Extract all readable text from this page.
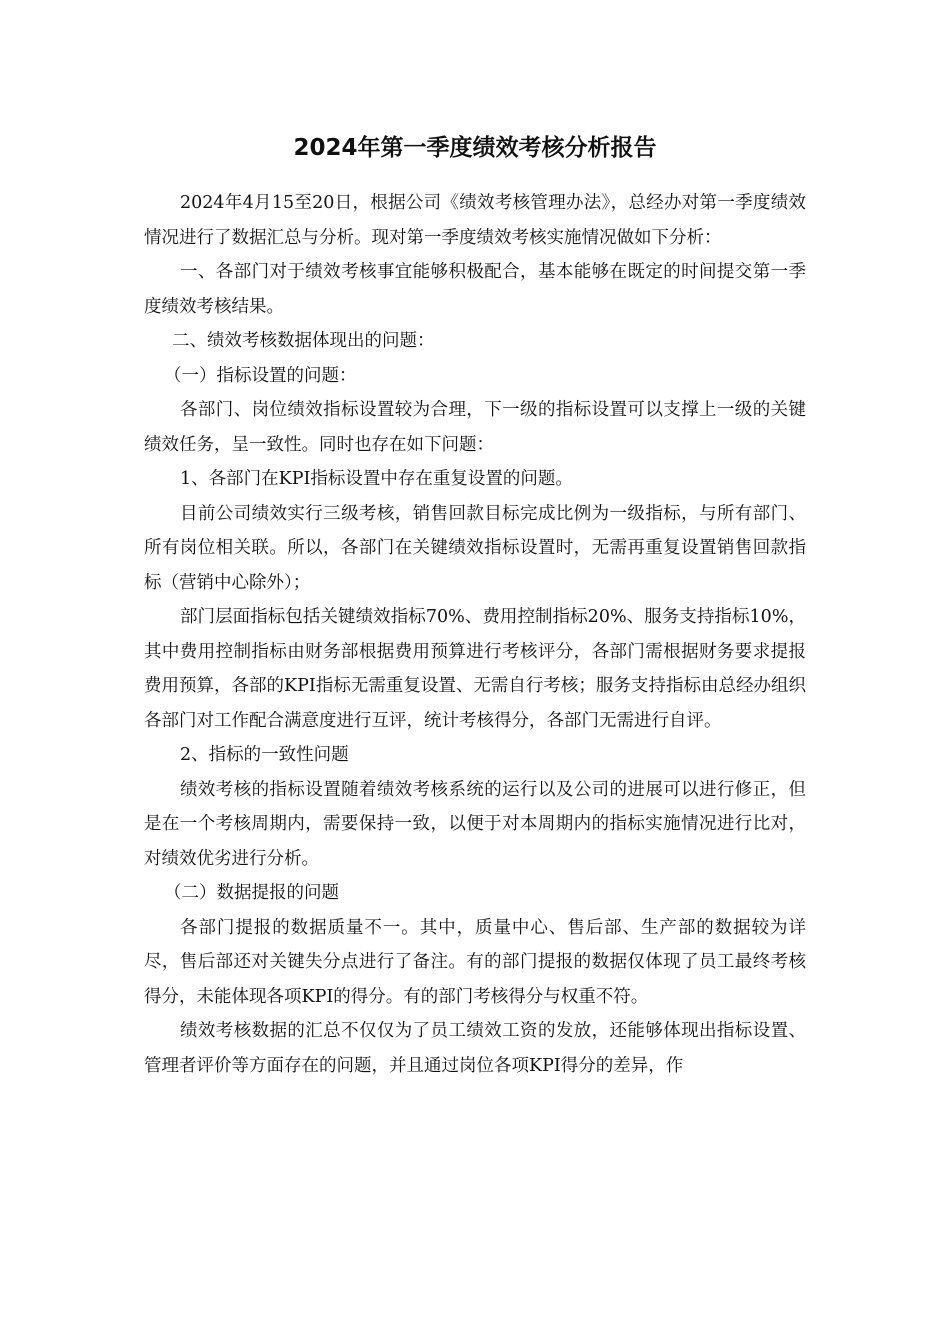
2024年第一季度绩效考核分析报告

2024年4月15至20日，根据公司《绩效考核管理办法》，总经办对第一季度绩效情况进行了数据汇总与分析。现对第一季度绩效考核实施情况做如下分析：

一、各部门对于绩效考核事宜能够积极配合，基本能够在既定的时间提交第一季度绩效考核结果。

二、绩效考核数据体现出的问题：

（一）指标设置的问题：

各部门、岗位绩效指标设置较为合理，下一级的指标设置可以支撑上一级的关键绩效任务，呈一致性。同时也存在如下问题：

1、各部门在KPI指标设置中存在重复设置的问题。

目前公司绩效实行三级考核，销售回款目标完成比例为一级指标，与所有部门、所有岗位相关联。所以，各部门在关键绩效指标设置时，无需再重复设置销售回款指标（营销中心除外）；

部门层面指标包括关键绩效指标70%、费用控制指标20%、服务支持指标10%，其中费用控制指标由财务部根据费用预算进行考核评分，各部门需根据财务要求提报费用预算，各部的KPI指标无需重复设置、无需自行考核；服务支持指标由总经办组织各部门对工作配合满意度进行互评，统计考核得分，各部门无需进行自评。

2、指标的一致性问题

绩效考核的指标设置随着绩效考核系统的运行以及公司的进展可以进行修正，但是在一个考核周期内，需要保持一致，以便于对本周期内的指标实施情况进行比对，对绩效优劣进行分析。

（二）数据提报的问题

各部门提报的数据质量不一。其中，质量中心、售后部、生产部的数据较为详尽，售后部还对关键失分点进行了备注。有的部门提报的数据仅体现了员工最终考核得分，未能体现各项KPI的得分。有的部门考核得分与权重不符。

绩效考核数据的汇总不仅仅为了员工绩效工资的发放，还能够体现出指标设置、管理者评价等方面存在的问题，并且通过岗位各项KPI得分的差异，作
